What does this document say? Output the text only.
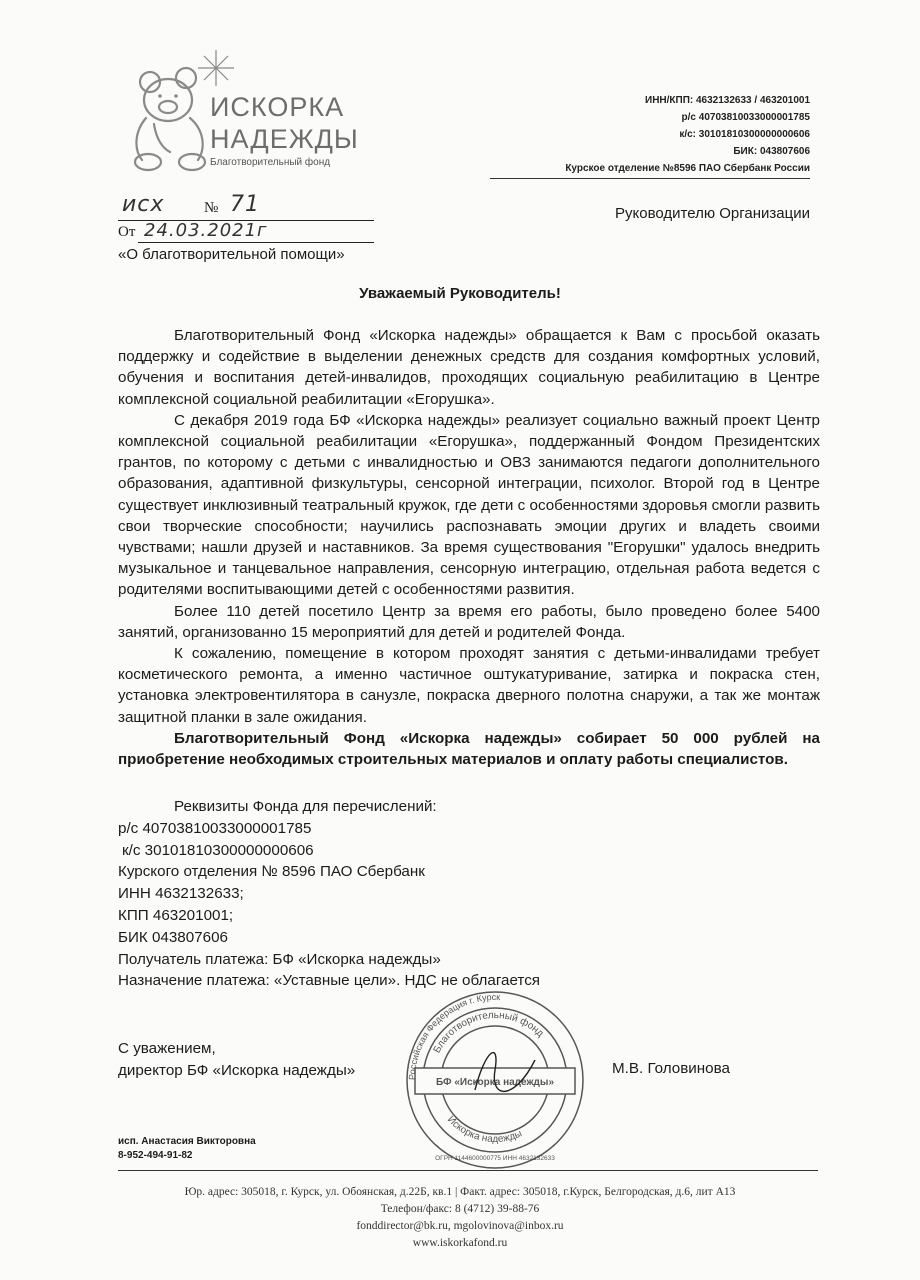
ИСКОРКА
НАДЕЖДЫ
Благотворительный фонд
ИНН/КПП: 4632132633 / 463201001
р/с 40703810033000001785
к/с: 30101810300000000606
БИК: 043807606
Курское отделение №8596 ПАО Сбербанк России
исх	№ 71
От 24.03.2021г
«О благотворительной помощи»
Руководителю Организации
Уважаемый Руководитель!

Благотворительный Фонд «Искорка надежды» обращается к Вам с просьбой оказать поддержку и содействие в выделении денежных средств для создания комфортных условий, обучения и воспитания детей-инвалидов, проходящих социальную реабилитацию в Центре комплексной социальной реабилитации «Егорушка».

С декабря 2019 года БФ «Искорка надежды» реализует социально важный проект Центр комплексной социальной реабилитации «Егорушка», поддержанный Фондом Президентских грантов, по которому с детьми с инвалидностью и ОВЗ занимаются педагоги дополнительного образования, адаптивной физкультуры, сенсорной интеграции, психолог. Второй год в Центре существует инклюзивный театральный кружок, где дети с особенностями здоровья смогли развить свои творческие способности; научились распознавать эмоции других и владеть своими чувствами; нашли друзей и наставников. За время существования "Егорушки" удалось внедрить музыкальное и танцевальное направления, сенсорную интеграцию, отдельная работа ведется с родителями воспитывающими детей с особенностями развития.

Более 110 детей посетило Центр за время его работы, было проведено более 5400 занятий, организованно 15 мероприятий для детей и родителей Фонда.

К сожалению, помещение в котором проходят занятия с детьми-инвалидами требует косметического ремонта, а именно частичное оштукатуривание, затирка и покраска стен, установка электровентилятора в санузле, покраска дверного полотна снаружи, а так же монтаж защитной планки в зале ожидания.

Благотворительный Фонд «Искорка надежды» собирает 50 000 рублей на приобретение необходимых строительных материалов и оплату работы специалистов.

Реквизиты Фонда для перечислений:
р/с 40703810033000001785
к/с 30101810300000000606
Курского отделения № 8596 ПАО Сбербанк
ИНН 4632132633;
КПП 463201001;
БИК 043807606
Получатель платежа: БФ «Искорка надежды»
Назначение платежа: «Уставные цели». НДС не облагается
С уважением,
директор БФ «Искорка надежды»	М.В. Головинова
Российская Федерация г. Курск
Благотворительный фонд
Искорка надежды
БФ «Искорка надежды»
ОГРН 1144600000775 ИНН 4632132633
исп. Анастасия Викторовна
8-952-494-91-82
Юр. адрес: 305018, г. Курск, ул. Обоянская, д.22Б, кв.1 | Факт. адрес: 305018, г.Курск, Белгородская, д.6, лит А13
Телефон/факс: 8 (4712) 39-88-76
fonddirector@bk.ru, mgolovinova@inbox.ru
www.iskorkafond.ru
